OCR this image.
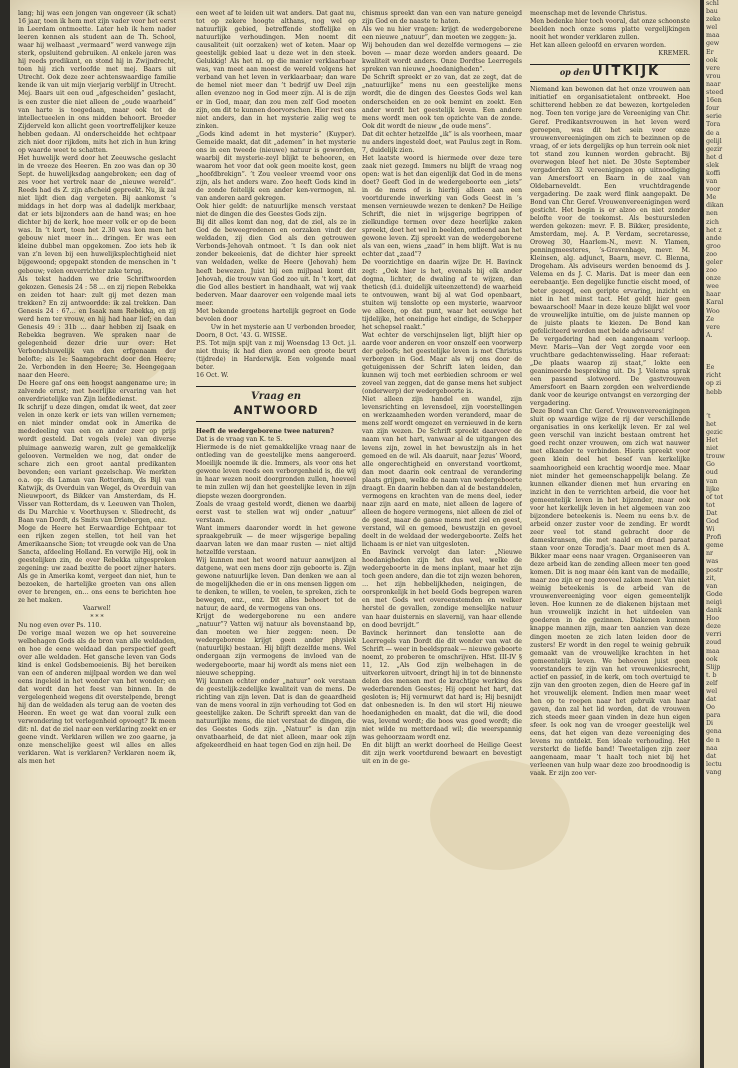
lang; hij was een jongen van ongeveer (ik schat) 16 jaar, toen ik hem met zijn vader voor het eerst in Leerdam ontmoette. Later heb ik hem nader leeren kennen als student aan de Th. School, waar hij welhaast „vermaard” werd vanwege zijn sterk, opsluitend gebruiken. Al enkele jaren was hij reeds predikant, en stond hij in Zwijndrecht, toen hij zich verloofde met mej. Baars uit Utrecht. Ook deze zeer achtenswaardige familie kende ik van uit mijn vierjarig verblijf in Utrecht. Mej. Baars uit een oud „afgescheiden” geslacht, is een zuster die niet alleen de „oude waarheid” van harte is toegedaan, maar ook tot de intellectueelen in ons midden behoort. Broeder Zijderveld kon allicht geen voortreffelijker keuze hebben gedaan. Al onderscheidde het echtpaar zich niet door rijkdom, mits het zich in hun kring op waarde weet te schatten.

Het huwelijk werd door het Zeeuwsche geslacht in de vreeze des Heeren. En zoo was dan op 30 Sept. de huwelijksdag aangebroken; een dag of zes voor het vertrek naar de „nieuwe wereld”. Reeds had ds Z. zijn afscheid gepreekt. Nu, ik zal niet lijdt dien dag vergeten. Bij aankomst ’s middags in het dorp was al dadelijk merkbaar, dat er iets bijzonders aan de hand was; en hoe dichter bij de kerk, hoe meer volk er op de been was. In ’t kort, toen het 2.30 was kon men het gebouw niet meer in… dringen. Er was een kleine dubbel man opgekomen. Zoo iets heb ik van z’n leven bij een huwelijksplechtigheid niet bijgewoond; opgepakt stonden de menschen in ’t gebouw; velen onverrichter zake terug.

Als tekst hadden we drie Schriftwoorden gekozen. Genesis 24 : 58 … en zij riepen Rebekka en zeiden tot haar: zult gij met dezen man trekken? En zij antwoordde: ik zal trekken. Dan Genesis 24 : 67… en Isaak nam Rebekka, en zij werd hem ter vrouw, en hij had haar lief; en dan Genesis 49 : 31b … daar hebben zij Isaak en Rebekka begraven. We spraken naar de gelegenheid dezer drie uur over: Het Verbondshuwelijk van den erfgenaam der belofte; als 1e: Saamgebracht door den Heere; 2e. Verbonden in den Heere; 3e. Heengegaan naar den Heere.

De Heere gaf ons een hoogst aangename ure; in zalvende ernst; met heerlijke ervaring van het onverdrietelijke van Zijn liefdedienst.

Ik schrijf u deze dingen, omdat ik weet, dat zeer velen in onze kerk er iets van willen vernemen; en niet minder omdat ook in Amerika de mededeeling van een en ander zeer op prijs wordt gesteld. Dat vogels (vele) van diverse pluimage aanwezig waren, zult ge gemakkelijk gelooven. Vermelden we nog, dat onder de schare zich een groot aantal predikanten bevonden; een variant gezelschap. We merkten o.a. op: ds Laman van Rotterdam, ds Bijl van Katwijk, ds Overduin van Wegel, ds Overduin van Nieuwpoort, ds Bikker van Amsterdam, ds H. Visser van Rotterdam, ds v. Leeuwen van Tholen, ds Du Marchie v. Voorthuysen v. Sliedrecht, ds Baan van Dordt, ds Smits van Driebergen, enz.

Moge de Heere het Eerwaardige Echtpaar tot een rijken zegen stellen, tot heil van het Amerikaansche Sion; tot vreugde ook van de Una Sancta, afdeeling Holland. En verwijle Hij, ook in geestelijken zin, de over Rebekka uitgesproken zegening: uw zaad bezitte de poort zijner haters. Als ge in Amerika komt, vergeet dan niet, hun te bezoeken, de hartelijke groeten van ons allen over te brengen, en… ons eens te berichten hoe ze het maken.

Vaarwel!

* * *

Nu nog even over Ps. 110.

De vorige maal wezen we op het souvereine welbehagen Gods als de bron van alle weldaden, en hoe de eene weldaad dan perspectief geeft over alle weldaden. Het gansche leven van Gods kind is enkel Godsbemoeienis. Bij het bereiken van een of anderen mijlpaal worden we dan wel eens ingeleid in het wonder van het wonder; en dat wordt dan het feest van binnen. In de vergelegenheid wegens dit overstelpende, brengt hij dan de weldaden als terug aan de voeten des Heeren. En weet ge wat dan vooral zulk een verwondering tot verlegenheid opvoegt? Ik meen dit: nl. dat de ziel naar een verklaring zoekt en er geene vindt. Verklaren willen we zoo gaarne, ja onze menschelijke geest wil alles en alles verklaren. Wat is verklaren? Verklaren noem ik, als men het

een weet af te leiden uit wat anders. Dat gaat nu, tot op zekere hoogte althans, nog wel op natuurlijk gebied, betreffende stoffelijke en natuurlijke verhoudingen. Men noemt dit causaliteit (uit oorzaken) wet of keten. Maar op geestelijk gebied laat u deze wet in den steek. Gelukkig! Als het nl. op die manier verklaarbaar was, van meet aan moest de wereld volgens het verband van het leven in verklaarbaar; dan ware de hemel niet meer dan ’t bedrijf uw Deel zijn allen evenzoo nog in God meer zijn. Al is de zijn er in God, maar, dan zou men zelf God moeten zijn, om dit te kunnen doorvorschen. Hier rest ons niet anders, dan in het mysterie zalig weg te zinken.

„Gods kind ademt in het mysterie” (Kuyper). Gemeide maakt, dat dit „ademen” in het mysterie ons in een tweede (nieuwe) natuur is geworden, waarbij dit mysterie-zeyl blijkt te behooren, en waarom het voor dat ook geen moeite kost, geen „hoofdbrekign”. ’t Zou veeleer vreemd voor ons zijn, als het anders ware. Zoo heeft Gods kind in de zonde feitelijk een ander ken-vermogen, nl. van anderen aard gekregen.

Ook hier geldt: de natuurlijke mensch verstaat niet de dingen die des Geestes Gods zijn.

Bij dit alles komt dan nog, dat de ziel, als ze in God de beweegredenen en oorzaken vindt der weldaden, zij dien God als den getrouwen Verbonds-Jehovah ontmoet. ’t Is dan ook niet zonder bekeeienis, dat de dichter hier spreekt van weldaden, welke de Heere (Jehovah) hem heeft bewezen. Juist bij een mijlpaal komt dit Jehovah, die trouw van God zoo uit. In ’t kort, dat die God alles bestiert in handhaalt, wat wij vaak bederven. Maar daarover een volgende maal iets meer.

Met bekende groetens hartelijk gegroet en Gode bevolen door

Uw in het mysterie aan U verbonden broeder,

Doorn, 8 Oct. ’43. G. WISSE.

P.S. Tot mijn spijt van z mij Woensdag 13 Oct. j.l. niet thuis; ik had dien avond een groote beurt (tijdrede) in Harderwijk. Een volgende maal beter.

16 Oct. W.

Vraag en
ANTWOORD

Heeft de wedergeborene twee naturen?

Dat is de vraag van K. te S.

Hiermede is de niet gemakkelijke vraag naar de ontleding van de geestelijke mens aangeroerd. Moeilijk noemde ik die. Immers, als voor ons het gewone leven reeds een verborgenheid is, die wij in haar wezen nooit doorgronden zullen, hoeveel te min zullen wij dan het geestelijke leven in zijn diepste wezen doorgronden.

Zoals de vraag gesteld wordt, dienen we daarbij eerst vast te stellen wat wij onder „natuur” verstaan.

Want immers daaronder wordt in het gewone spraakgebruik — de meer wijsgerige bepaling daarvan laten we dan maar rusten — niet altijd hetzelfde verstaan.

Wij kunnen met het woord natuur aanwijzen al datgene, wat een mens door zijn geboorte is. Zijn gewone natuurlijke leven. Dan denken we aan al de mogelijkheden die er in ons mensen liggen om te denken, te willen, te voelen, te spreken, zich te bewegen, enz., enz. Dit alles behoort tot de natuur, de aard, de vermogens van ons.

Krijgt de wedergeborene nu een andere „natuur”? Vatten wij natuur als bovenstaand bp, dan moeten we hier zeggen: neen. De wedergeborene krijgt geen ander physiek (natuurlijk) bestaan. Hij blijft dezelfde mens. Wel ondergaan zijn vermogens de invloed van de wedergeboorte, maar hij wordt als mens niet een nieuwe schepping.

Wij kunnen echter onder „natuur” ook verstaan de geestelijk-zedelijke kwaliteit van de mens. De richting van zijn leven. Dat is dan de geaardheid van de mens vooral in zijn verhouding tot God en geestelijke zaken. De Schrift spreekt dan van de natuurlijke mens, die niet verstaat de dingen, die des Geestes Gods zijn. „Natuur” is dan zijn onvatbaarheid, de dat niet alleen, maar ook zijn afgekeerdheid en haat tegen God en zijn heil. De

chismus spreekt dan van een van nature geneigd zijn God en de naaste te haten.

Als we nu hier vragen: krijgt de wedergeborene een nieuwe „natuur”, dan moeten we zeggen: ja.

Wij behouden dan wel dezelfde vermogens — zie boven — maar deze worden anders geaard. De kwaliteit wordt anders. Onze Dordtse Leerregels spreken van nieuwe „hoedanigheden”.

De Schrift spreekt er zo van, dat ze zegt, dat de „natuurlijke” mens nu een geestelijke mens wordt, die de dingen des Geestes Gods wel kan onderscheiden en ze ook bemint en zoekt. Een ander wordt het geestelijk leven. Een andere mens wordt men ook ten opzichte van de zonde. Ook dit wordt de nieuw „de oude mens”.

Dat dit echter hetzelfde „ik” is als voorheen, maar nu anders ingesteld doet, wat Paulus zegt in Rom. 7, duidelijk zien.

Het laatste woord is hiermede over deze tere zaak niet gezegd. Immers nu blijft de vraag nog open: wat is het dan eigenlijk dat God in de mens doet? Geeft God in de wedergeboorte een „iets” in de mens of is hierbij alleen aan een voortdurende inwerking van Gods Geest in ’s mensen vernieuwde wezen te denken? De Heilige Schrift, die niet in wijsgerige begrippen of zielkundige termen over deze heerlijke zaken spreekt, doet het wel in beelden, ontleend aan het gewone leven. Zij spreekt van de wedergeborene als van een, wiens „zaad” in hem blijft. Wat is nu echter dat „zaad”?

De voorzichtige en daarin wijze Dr. H. Bavinck zegt: „Ook hier is het, evenals bij elk ander dogma, lichter, de dwaling af te wijzen, dan theticsh (d.i. duidelijk uiteenzettend) de waarheid te ontvouwen, want bij al wat God openbaart, stuiten wij tenslotte op een mysterie, waarvoor we alleen, op dat punt, waar het eeuwige het tijdelijke, het oneindige het eindige, de Schepper het schepsel raakt.”

Wat echter de verschijnselen ligt, blijft hier op aarde voor anderen en voor onszelf een voorwerp der geloofs; het geestelijke leven is met Christus verborgen in God. Maar als wij ons door de getuigenissen der Schrift laten leiden, dan kunnen wij toch met eerbiedien schroom er wel zoveel van zeggen, dat de ganse mens het subject (onderwerp) der wedergeboorte is.

Niet alleen zijn handel en wandel, zijn levensrichting en levensdoel, zijn voorstellingen en werkzaamheden worden veranderd, maar de mens zelf wordt omgezet en vernieuwd in de kern van zijn wezen. De Schrift spreekt daarvoor de naam van het hart, vanwaar al de uitgangen des levens zijn, zowel in het bewustzijn als in het gemoed en de wil. Als daaruit, naar Jezus’ Woord, alle ongerechtigheid en onverstand voortkomt, dan moet daarin ook centraal de verandering plaats grijpen, welke de naam van wedergeboorte draagt. En daarin hebben dan al de bestanddelen, vermogens en krachten van de mens deel, ieder naar zijn aard en mate, niet alleen de lagere of alleen de hogere vermogens, niet alleen de ziel of de geest, maar de ganse mens met ziel en geest, verstand, wil en gemoed, bewustzijn en gevoel deelt in de weldaad der wedergeboorte. Zelfs het lichaam is er niet van uitgesloten.

En Bavinck vervolgt dan later: „Nieuwe hoedanigheden zijn het dus wel, welke de wedergeboorte in de mens inplant, maar het zijn toch geen andere, dan die tot zijn wezen behoren, … het zijn hebbelijkheden, neigingen, de oorspronkelijk in het beeld Gods begrepen waren en met Gods wet overeenstemden en welker herstel de gevallen, zondige menselijke natuur van haar duisternis en slavernij, van haar ellende en dood bevrijdt.”

Bavinck herinnert dan tenslotte aan de Leerregels van Dordt die dit wonder van wat de Schrift — weer in beeldspraak — nieuwe geboorte noemt, zo proberen te omschrijven. Hfst. III-IV § 11, 12. „Als God zijn welbehagen in de uitverkoren uitvoert, dringt hij in tot de binnenste delen des mensen met de krachtige werking des wederbarenden Geestes; Hij opent het hart, dat gesloten is; Hij vermurwt dat hard is; Hij besnijdt dat onbesneden is. In den wil stort Hij nieuwe hoedanigheden en maakt, dat die wil, die dood was, levend wordt; die boos was goed wordt; die niet wilde nu metterdaad wil; die weerspannig was gehoorzaam wordt enz.

En dit blijft an werkt doorheel de Heilige Geest dit zijn werk voortdurend bewaart en bevestigt uit en in de ge-

meenschap met de levende Christus.

Men bedenke hier toch vooral, dat onze schoonste beelden noch onze soms platte vergelijkingen nooit het wonder verklaren zullen.

Het kan alleen geloofd en ervaren worden.

KREMER.

op den UITKIJK

Niemand kan bewonen dat het onze vrouwen aan initiatief en organisatietalent ontbreekt. Hoe schitterend hebben ze dat bewezen, kortgeleden nog. Toen ten vorige jare de Vereeniging van Chr. Geref. Predikantsvrouwen in het leven werd geroepen, was dit het sein voor onze vrouwenvereenigingen om zich te bezinnen op de vraag, of er iets dergelijks op hun terrein ook niet tot stand zou kunnen worden gebracht. Bij overwegen bleef het niet. De 30ste September vergaderden 32 vereenigingen op uitnoodiging van Amersfoort en Baarn in de zaal van Oldebarneveldt. Een vruchtdragende vergadering. De zaak werd flink aangepakt. De Bond van Chr. Geref. Vrouwenvereenigingen werd gesticht. Het begin is er alzoo en niet zonder belofte voor de toekomst. Als bestuursleden werden gekozen: mevr. F. B. Bikker, presidente, Amsterdam, mej. A. P. Verdam, secretaresse, Oroweg 30, Haarlem-N., mevr. N. Ylamen, penningmeesteres, ’s-Gravenhage, mevr. M. Kleinsen, alg. adjunct, Baarn, mevr. C. Blenna, Drogeham. Als adviseurs werden benoemd ds J. Velema en ds J. C. Maris. Dat is meer dan een eerebaantje. Een degelijke functie eischt moed, of beter gezegd, een geripte ervaring, inzicht en niet in het minst tact. Het geldt hier geen bewaarschool! Maar in deze keuze blijkt wel voor de vrouwelijke intuïtie, om de juiste mannen op de juiste plaats te kiezen. De Bond kan gefeliciteerd worden met beide adviseurs!

De vergadering had een aangenaam verloop. Mevr. Maris—Van der Vegt zorgde voor een vruchtbare gedachtenwisseling. Haar referaat: „De plaats waarop zij staat,” lokte een geanimeerde bespreking uit. Ds J. Velema sprak een passend slotwoord. De gastvrouwen Amersfoort en Baarn zorgden een welverdiende dank voor de keurige ontvangst en verzorging der vergadering.

Deze Bond van Chr. Geref. Vrouwenvereenigingen sluit op waardige wijze de rij der verschillende organisaties in ons kerkelijk leven. Er zal wel geen verschil van inzicht bestaan omtrent het goed recht onzer vrouwen, om zich wat nauwer met elkander te verbinden. Hierin spreekt voor geen klein deel het besef van kerkelijke saamhoorigheid een krachtig woordje mee. Maar niet minder het gemeenschappelijk belang. Ze kunnen elkander dienen met hun ervaring en inzicht in den te verrichten arbeid, die voor het gemeentelijk leven in het bijzonder, maar ook voor het kerkelijk leven in het algemeen van zoo bijzondere beteekenis is. Neem nu eens b.v. de arbeid onzer zuster voor de zending. Er wordt zeer veel tot stand gebracht door de dameskransen, die met naald en draad paraat staan voor onze Toradja’s. Daar moet men ds A. Bikker maar eens naar vragen. Organiseeren van deze arbeid kan de zending alleen meer ten goed komen. Dit is nog maar één kant van de medaille, maar zoo zijn er nog zooveel zaken meer. Van niet weinig beteekenis is de arbeid van de vrouwenvereeniging voor eigen gemeentelijk leven. Hoe kunnen ze de diakenen bijstaan met hun vrouwelijk inzicht in het uitdeelen van goederen in de gezinnen. Diakenen kunnen knappe mannen zijn, maar ten aanzien van deze dingen moeten ze zich laten leiden door de zusters! Er wordt in den regel te weinig gebruik gemaakt van de vrouwelijke krachten in het gemeentelijk leven. We behoeven juist geen voorstanders te zijn van het vrouwenkiesrecht, actief en passief, in de kerk, om toch overtuigd te zijn van den grooten zegen, dien de Heere gaf in het vrouwelijk element. Indien men maar weet hen op te roepen naar het gebruik van haar gaven, dan zal het lid worden, dat de vrouwen zich steeds meer gaan vinden in deze hun eigen sfeer. Is ook nog van de vroeger geestelijk wel eens, dat het eigen van deze vereeniging des levens nu ontdekt. Een ideale verhouding. Het versterkt de liefde band! Tweetaligen zijn zeer aangenaam, maar ’t haalt toch niet bij het verleenen van hulp waar deze zoo broodnoodig is vaak. Er zijn zoo ver-

schl
bau
zeke
wel
maa
gew
Er
ook
vere
vrou
naar
steed
16en
four
serie
Tora
de a
gelijl
gezir
het d
slek
koffi
van
voor
Me
dikan
nen
zich
het z
ande
groo
zoo
geler
zoo
onze
wee
haar
Karal
Woo
Ze
vere
A.

Ee
richt
op zi
hebb

‘t
het
gezic
Het
niet
trouw
Go
oud
van
lijke
of tot
tot
Dat
God
Wi
Profi
geme
nr
was
postr
zit,
van
Gode
neigi
dank
Hoo
deze
verri
zoud
maa
ook
Slijp
t. b
zelf
wel
dat
Oo
para
Di
gena
de n
naa
dat
lectu
vang
